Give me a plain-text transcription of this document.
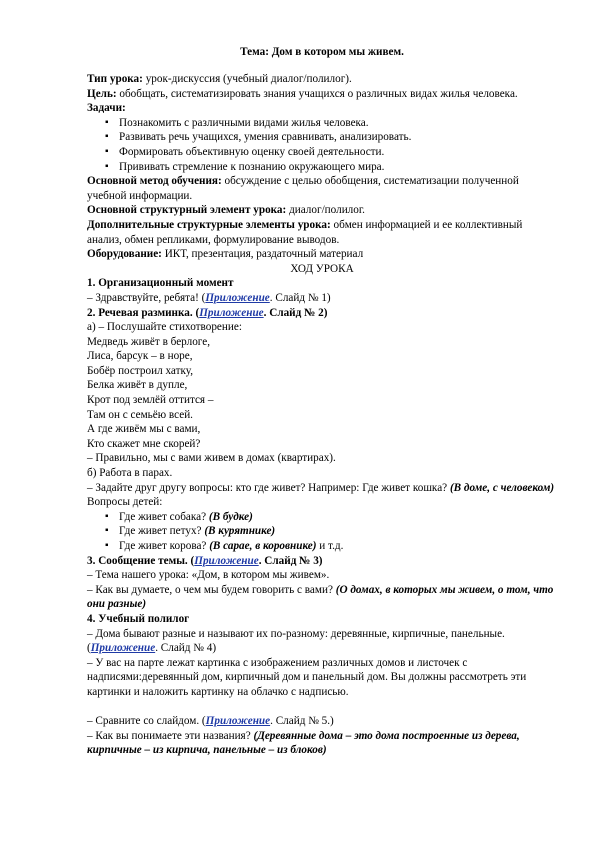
Тема: Дом в котором мы живем.

Тип урока: урок-дискуссия (учебный диалог/полилог).

Цель: обобщать, систематизировать знания учащихся о различных видах жилья человека.

Задачи:

▪ Познакомить с различными видами жилья человека.
▪ Развивать речь учащихся, умения сравнивать, анализировать.
▪ Формировать объективную оценку своей деятельности.
▪ Прививать стремление к познанию окружающего мира.

Основной метод обучения: обсуждение с целью обобщения, систематизации полученной учебной информации.

Основной структурный элемент урока: диалог/полилог.

Дополнительные структурные элементы урока: обмен информацией и ее коллективный анализ, обмен репликами, формулирование выводов.

Оборудование: ИКТ, презентация, раздаточный материал

ХОД УРОКА

1. Организационный момент

– Здравствуйте, ребята! (Приложение. Слайд № 1)

2. Речевая разминка. (Приложение. Слайд № 2)

а) – Послушайте стихотворение:

Медведь живёт в берлоге,

Лиса, барсук – в норе,

Бобёр построил хатку,

Белка живёт в дупле,

Крот под землёй оттится –

Там он с семьёю всей.

А где живём мы с вами,

Кто скажет мне скорей?

– Правильно, мы с вами живем в домах (квартирах).

б) Работа в парах.

– Задайте друг другу вопросы: кто где живет? Например: Где живет кошка? (В доме, с человеком)

Вопросы детей:

▪ Где живет собака? (В будке)
▪ Где живет петух? (В курятнике)
▪ Где живет корова? (В сарае, в коровнике) и т.д.

3. Сообщение темы. (Приложение. Слайд № 3)

– Тема нашего урока: «Дом, в котором мы живем».

– Как вы думаете, о чем мы будем говорить с вами? (О домах, в которых мы живем, о том, что они разные)

4. Учебный полилог

– Дома бывают разные и называют их по-разному: деревянные, кирпичные, панельные. (Приложение. Слайд № 4)

– У вас на парте лежат картинка с изображением различных домов и листочек с надписями:деревянный дом, кирпичный дом и панельный дом. Вы должны рассмотреть эти картинки и наложить картинку на облачко с надписью.

– Сравните со слайдом. (Приложение. Слайд № 5.)

– Как вы понимаете эти названия? (Деревянные дома – это дома построенные из дерева, кирпичные – из кирпича, панельные – из блоков)
